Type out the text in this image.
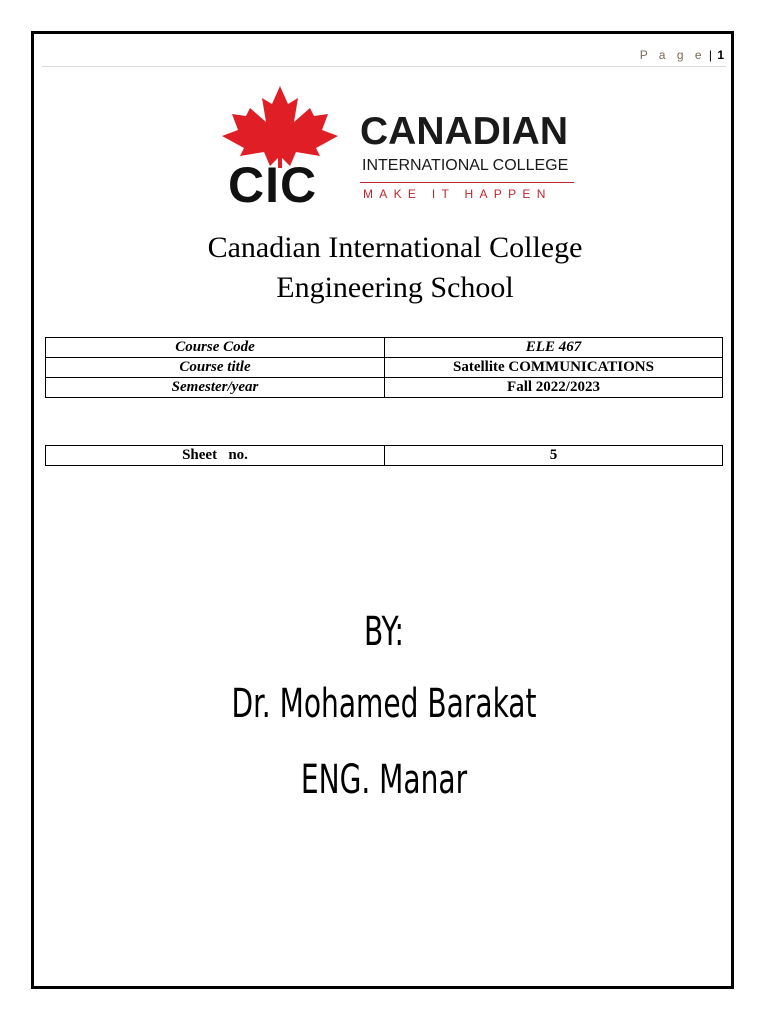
P a g e | 1
CIC
CANADIAN
INTERNATIONAL COLLEGE
MAKE IT HAPPEN
Canadian International College
Engineering School
Course Code	ELE 467
Course title	Satellite COMMUNICATIONS
Semester/year	Fall 2022/2023
Sheet   no.	5
BY:
Dr. Mohamed Barakat
ENG. Manar
